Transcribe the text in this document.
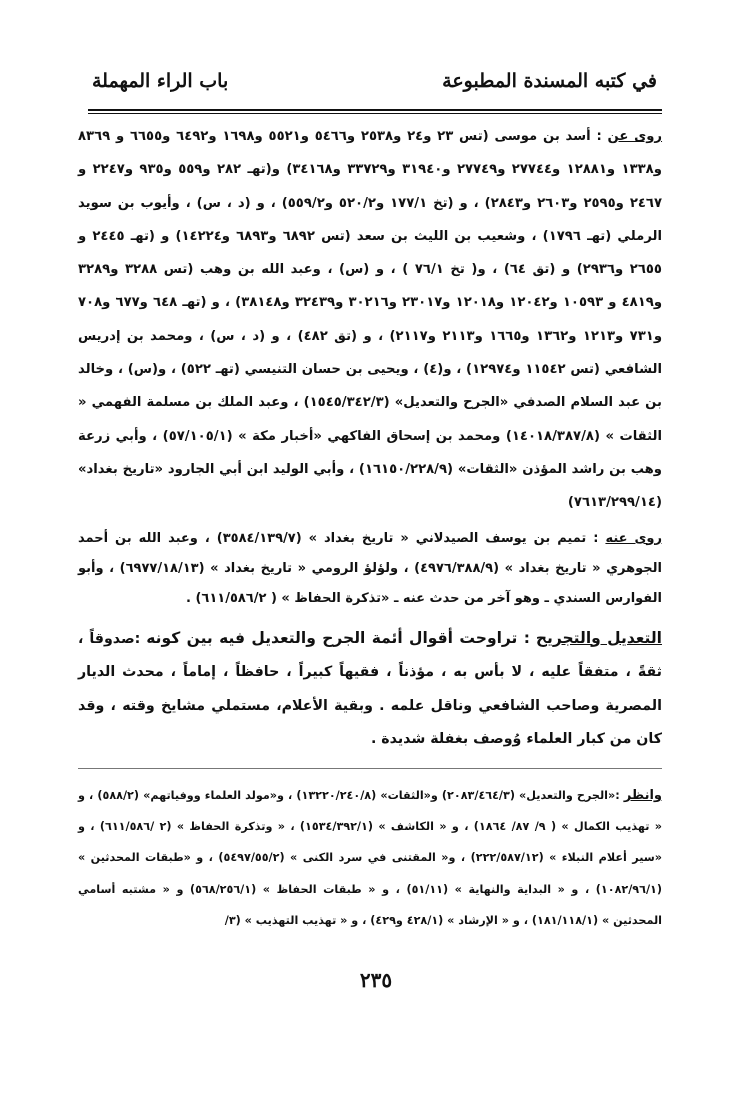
في كتبه المسندة المطبوعة
باب الراء المهملة

روى عن : أسد بن موسى (تس ٢٣ و٢٤ و٢٥٣٨ و٥٤٦٦ و٥٥٢١ و١٦٩٨ و٦٤٩٢ و٦٦٥٥ و ٨٣٦٩ و١٣٣٨ و١٢٨٨١ و٢٧٧٤٤ و٢٧٧٤٩ و٣١٩٤٠ و٣٣٧٢٩ و٣٤١٦٨) و(تهـ ٢٨٢ و٥٥٩ و٩٣٥ و٢٢٤٧ و ٢٤٦٧ و٢٥٩٥ و٢٦٠٣ و٢٨٤٣) ، و (تخ ١٧٧/١ و٥٢٠/٢ و٥٥٩/٢) ، و (د ، س) ، وأيوب بن سويد الرملي (تهـ ١٧٩٦) ، وشعيب بن الليث بن سعد (تس ٦٨٩٢ و٦٨٩٣ و١٤٢٢٤) و (تهـ ٢٤٤٥ و ٢٦٥٥ و٢٩٣٦) و (تق ٦٤) ، و( تخ ٧٦/١ ) ، و (س) ، وعبد الله بن وهب (تس ٣٢٨٨ و٣٢٨٩ و٤٨١٩ و ١٠٥٩٣ و١٢٠٤٢ و١٢٠١٨ و٢٣٠١٧ و٣٠٢١٦ و٣٢٤٣٩ و٣٨١٤٨) ، و (تهـ ٦٤٨ و٦٧٧ و٧٠٨ و٧٣١ و١٢١٣ و١٣٦٢ و١٦٦٥ و٢١١٣ و٢١١٧) ، و (تق ٤٨٢) ، و (د ، س) ، ومحمد بن إدريس الشافعي (تس ١١٥٤٢ و١٢٩٧٤) ، و(٤) ، ويحيى بن حسان التنيسي (تهـ ٥٢٢) ، و(س) ، وخالد بن عبد السلام الصدفي «الجرح والتعديل» (١٥٤٥/٣٤٢/٣) ، وعبد الملك بن مسلمة الفهمي « الثقات » (١٤٠١٨/٣٨٧/٨) ومحمد بن إسحاق الفاكهي «أخبار مكة » (٥٧/١٠٥/١) ، وأبي زرعة وهب بن راشد المؤذن «الثقات» (١٦١٥٠/٢٢٨/٩) ، وأبي الوليد ابن أبي الجارود «تاريخ بغداد» (٧٦١٣/٢٩٩/١٤)

روى عنه : تميم بن يوسف الصيدلاني « تاريخ بغداد » (٣٥٨٤/١٣٩/٧) ، وعبد الله بن أحمد الجوهري « تاريخ بغداد » (٤٩٧٦/٣٨٨/٩) ، ولؤلؤ الرومي « تاريخ بغداد » (٦٩٧٧/١٨/١٣) ، وأبو الفوارس السندي ـ وهو آخر من حدث عنه ـ «تذكرة الحفاظ » ( ٦١١/٥٨٦/٢) .

التعديل والتجريح : تراوحت أقوال أئمة الجرح والتعديل فيه بين كونه :صدوقاً ، ثقةً ، متفقاً عليه ، لا بأس به ، مؤذناً ، فقيهاً كبيراً ، حافظاً ، إماماً ، محدث الديار المصرية وصاحب الشافعي وناقل علمه . وبقية الأعلام، مستملي مشايخ وقته ، وقد كان من كبار العلماء وُوصف بغفلة شديدة .

وانظر :«الجرح والتعديل» (٢٠٨٣/٤٦٤/٣) و«الثقات» (١٣٢٢٠/٢٤٠/٨) ، و«مولد العلماء ووفياتهم» (٥٨٨/٢) ، و « تهذيب الكمال » ( ٩/ ٨٧/ ١٨٦٤) ، و « الكاشف » (١٥٣٤/٣٩٢/١) ، « وتذكرة الحفاظ » (٢ /٦١١/٥٨٦) ، و «سير أعلام النبلاء » (٢٢٢/٥٨٧/١٢) ، و« المقتنى في سرد الكنى » (٥٤٩٧/٥٥/٢) ، و «طبقات المحدثين » (١٠٨٢/٩٦/١) ، و « البداية والنهاية » (٥١/١١) ، و « طبقات الحفاظ » (٥٦٨/٢٥٦/١) و « مشتبه أسامي المحدثين » (١٨١/١١٨/١) ، و « الإرشاد » (٤٢٨/١ و٤٢٩) ، و « تهذيب التهذيب » (٣/

٢٣٥
